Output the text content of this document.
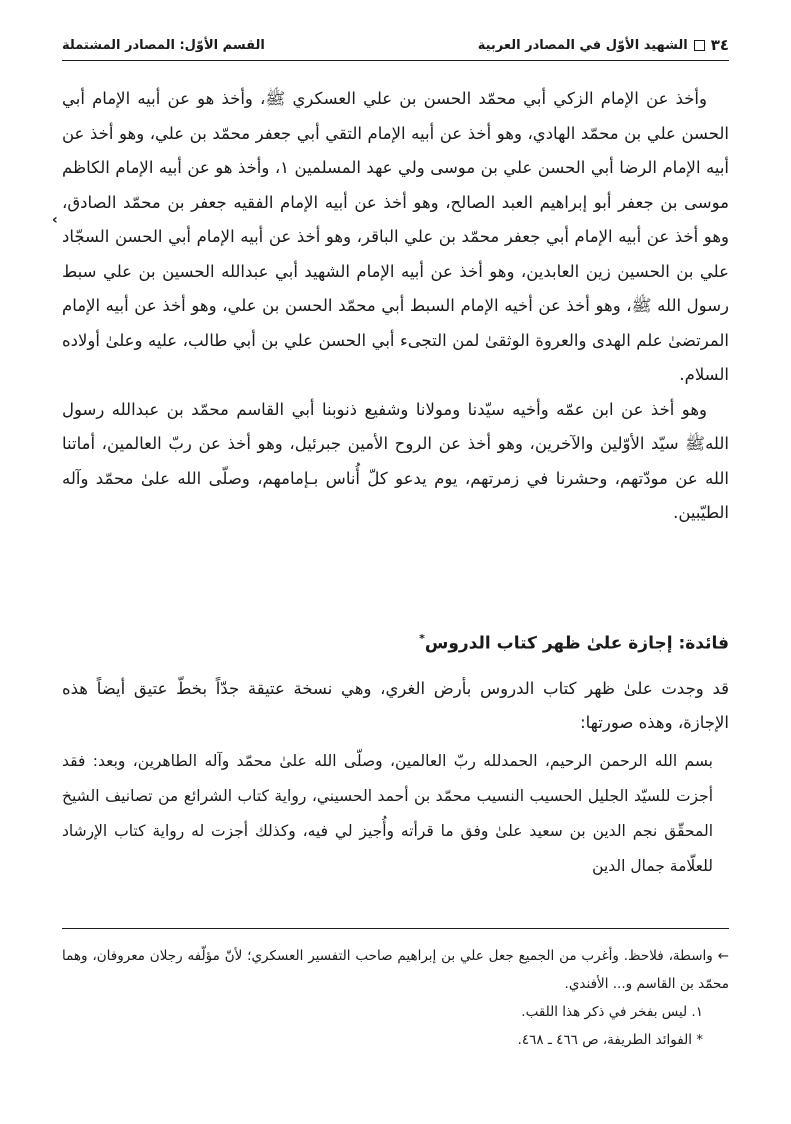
القسم الأوّل: المصادر المشتملة	٣٤
الشهيد الأوّل في المصادر العربية

وأخذ عن الإمام الزكي أبي محمّد الحسن بن علي العسكري ﷺ، وأخذ هو عن أبيه الإمام أبي الحسن علي بن محمّد الهادي، وهو أخذ عن أبيه الإمام التقي أبي جعفر محمّد بن علي، وهو أخذ عن أبيه الإمام الرضا أبي الحسن علي بن موسى ولي عهد المسلمين ١، وأخذ هو عن أبيه الإمام الكاظم موسى بن جعفر أبو إبراهيم العبد الصالح، وهو أخذ عن أبيه الإمام الفقيه جعفر بن محمّد الصادق، وهو أخذ عن أبيه الإمام أبي جعفر محمّد بن علي الباقر، وهو أخذ عن أبيه الإمام أبي الحسن السجّاد علي بن الحسين زين العابدين، وهو أخذ عن أبيه الإمام الشهيد أبي عبدالله الحسين بن علي سبط رسول الله ﷺ، وهو أخذ عن أخيه الإمام السبط أبي محمّد الحسن بن علي، وهو أخذ عن أبيه الإمام المرتضىٰ علم الهدى والعروة الوثقىٰ لمن التجىء أبي الحسن علي بن أبي طالب، عليه وعلىٰ أولاده السلام.

وهو أخذ عن ابن عمّه وأخيه سيّدنا ومولانا وشفيع ذنوبنا أبي القاسم محمّد بن عبدالله رسول اللهﷺ سيّد الأوّلين والآخرين، وهو أخذ عن الروح الأمين جبرئيل، وهو أخذ عن ربّ العالمين، أماتنا الله عن مودّتهم، وحشرنا في زمرتهم، يوم يدعو كلّ أُناس بـإمامهم، وصلّى الله علىٰ محمّد وآله الطيّبين.

‹
فائدة: إجازة علىٰ ظهر كتاب الدروس*
قد وجدت علىٰ ظهر كتاب الدروس بأرض الغري، وهي نسخة عتيقة جدّاً بخطّ عتيق أيضاً هذه الإجازة، وهذه صورتها:
بسم الله الرحمن الرحيم، الحمدلله ربّ العالمين، وصلّى الله علىٰ محمّد وآله الطاهرين، وبعد: فقد أجزت للسيّد الجليل الحسيب النسيب محمّد بن أحمد الحسيني، رواية كتاب الشرائع من تصانيف الشيخ المحقّق نجم الدين بن سعيد علىٰ وفق ما قرأته وأُجيز لي فيه، وكذلك أجزت له رواية كتاب الإرشاد للعلّامة جمال الدين

← واسطة، فلاحظ. وأغرب من الجميع جعل علي بن إبراهيم صاحب التفسير العسكري؛ لأنّ مؤلّفه رجلان معروفان، وهما محمّد بن القاسم و... الأفندي.

١. ليس بفخر في ذكر هذا اللقب.

* الفوائد الطريفة، ص ٤٦٦ ـ ٤٦٨.
